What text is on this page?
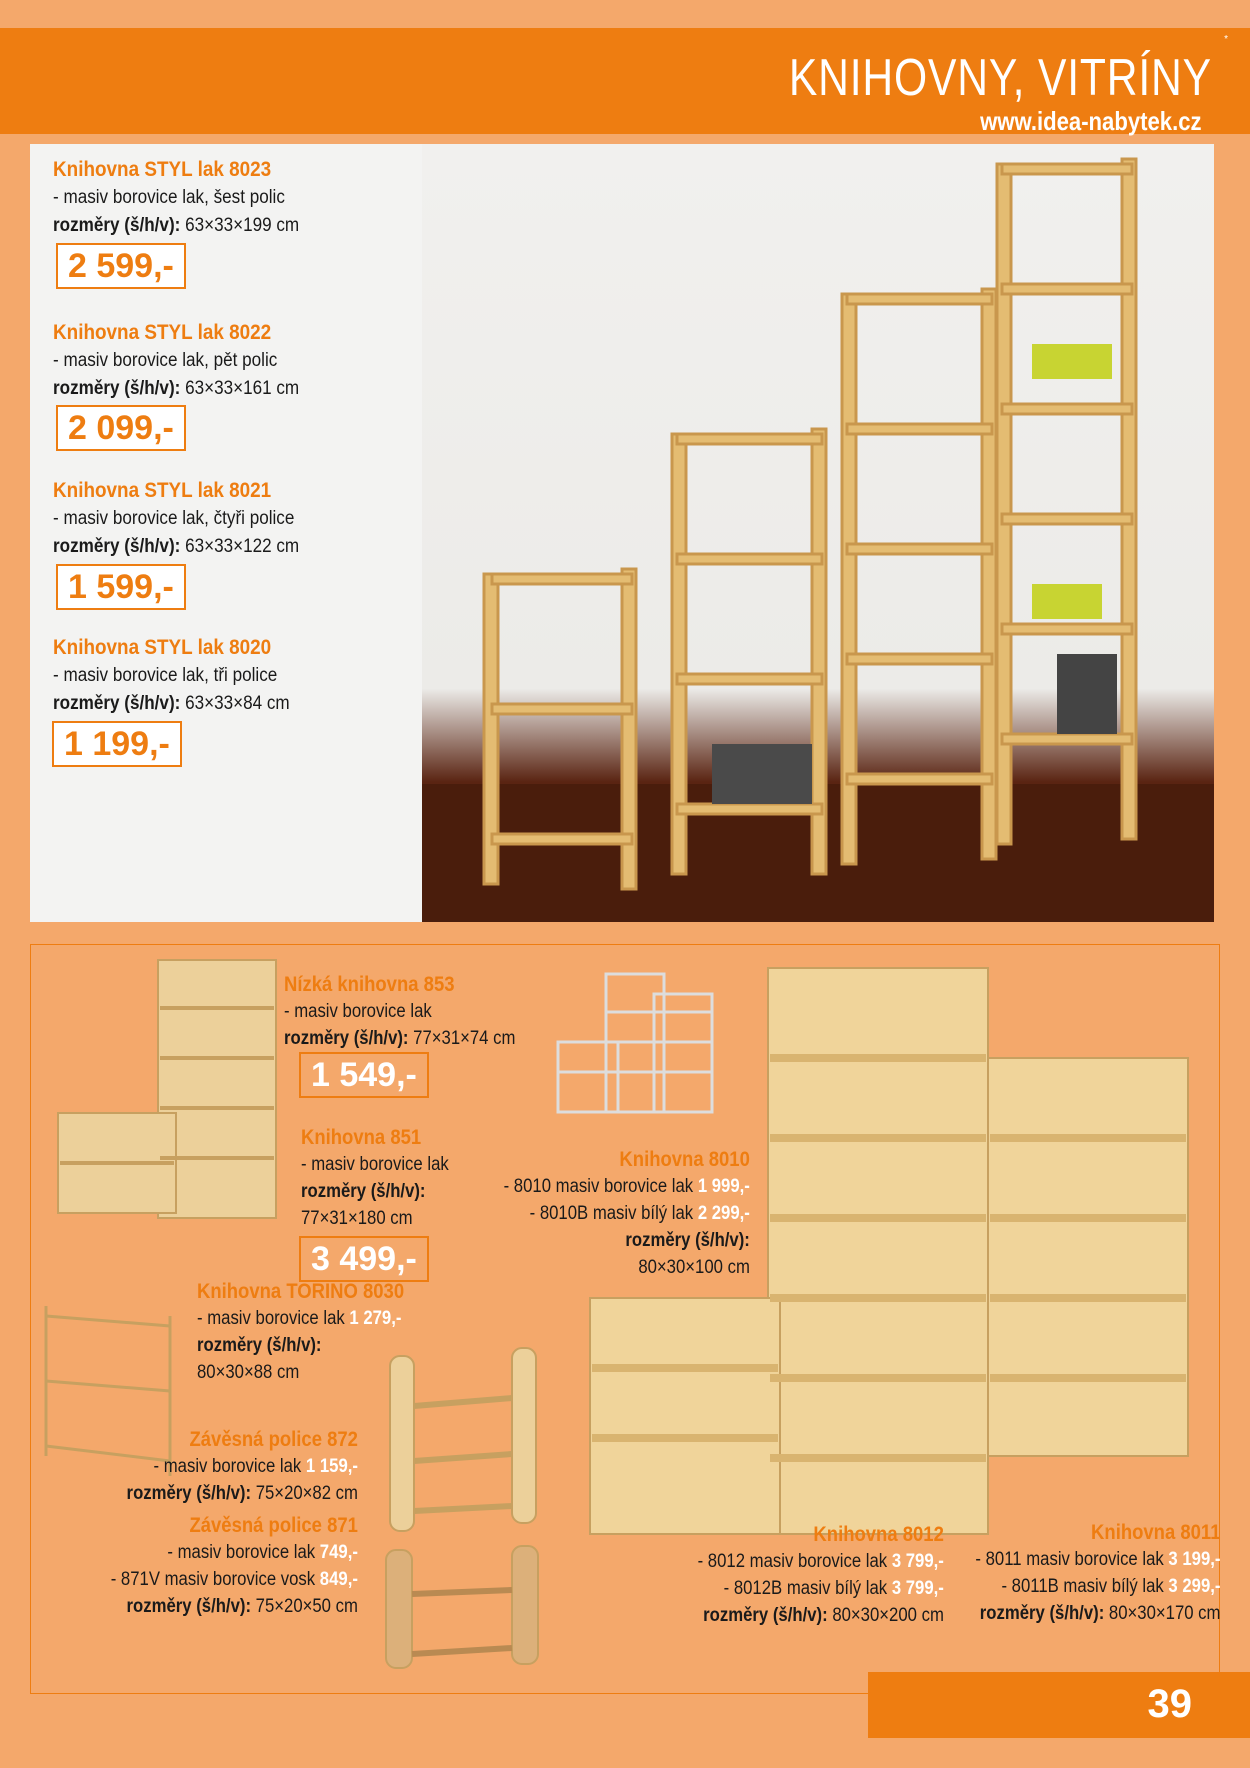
*
KNIHOVNY, VITRÍNY
www.idea-nabytek.cz
Knihovna STYL lak 8023
- masiv borovice lak, šest polic
rozměry (š/h/v): 63×33×199 cm
2 599,-
Knihovna STYL lak 8022
- masiv borovice lak, pět polic
rozměry (š/h/v): 63×33×161 cm
2 099,-
Knihovna STYL lak 8021
- masiv borovice lak, čtyři police
rozměry (š/h/v): 63×33×122 cm
1 599,-
Knihovna STYL lak 8020
- masiv borovice lak, tři police
rozměry (š/h/v): 63×33×84 cm
1 199,-
Nízká knihovna 853
- masiv borovice lak
rozměry (š/h/v): 77×31×74 cm
1 549,-
Knihovna 851
- masiv borovice lak
rozměry (š/h/v):
77×31×180 cm
3 499,-
Knihovna TORINO 8030
- masiv borovice lak 1 279,-
rozměry (š/h/v):
80×30×88 cm
Závěsná police 872
- masiv borovice lak 1 159,-
rozměry (š/h/v): 75×20×82 cm
Závěsná police 871
- masiv borovice lak 749,-
- 871V masiv borovice vosk 849,-
rozměry (š/h/v): 75×20×50 cm
Knihovna 8010
- 8010 masiv borovice lak 1 999,-
- 8010B masiv bílý lak 2 299,-
rozměry (š/h/v):
80×30×100 cm
Knihovna 8012
- 8012 masiv borovice lak 3 799,-
- 8012B masiv bílý lak 3 799,-
rozměry (š/h/v): 80×30×200 cm
Knihovna 8011
- 8011 masiv borovice lak 3 199,-
- 8011B masiv bílý lak 3 299,-
rozměry (š/h/v): 80×30×170 cm
39
